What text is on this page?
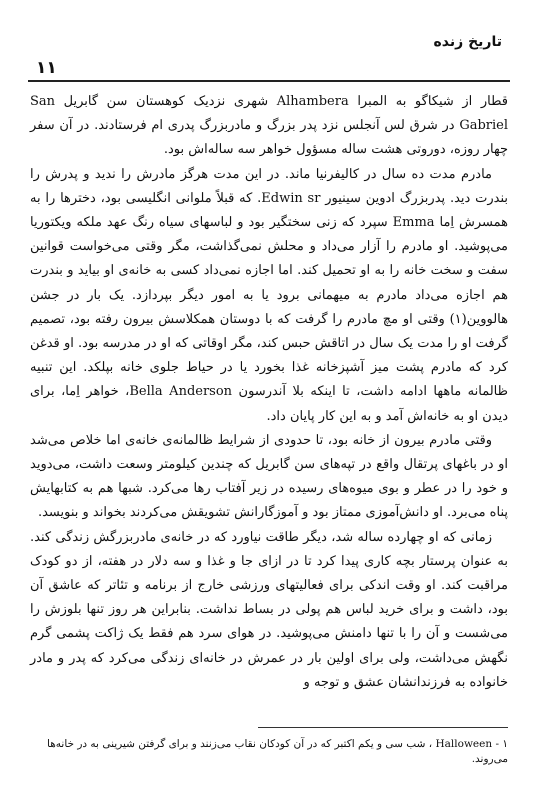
تاریخ زنده
۱۱

قطار از شیکاگو به المبرا Alhambera شهری نزدیک کوهستان سن گابریل San Gabriel در شرق لس آنجلس نزد پدر بزرگ و مادربزرگ پدری ام فرستادند. در آن سفر چهار روزه، دوروتی هشت ساله مسؤول خواهر سه ساله‌اش بود.

مادرم مدت ده سال در کالیفرنیا ماند. در این مدت هرگز مادرش را ندید و پدرش را بندرت دید. پدربزرگ ادوین سینیور Edwin sr. که قبلاً ملوانی انگلیسی بود، دختر‌ها را به همسرش اِما Emma سپرد که زنی سختگیر بود و لباسهای سیاه رنگ عهد ملکه ویکتوریا می‌پوشید. او مادرم را آزار می‌داد و محلش نمی‌گذاشت، مگر وقتی می‌خواست قوانین سفت و سخت خانه را به او تحمیل کند. اما اجازه نمی‌داد کسی به خانه‌ی او بیاید و بندرت هم اجازه می‌داد مادرم به میهمانی برود یا به امور دیگر بپردازد. یک بار در جشن هالووین(۱) وقتی او مچ مادرم را گرفت که با دوستان همکلاسش بیرون رفته بود، تصمیم گرفت او را مدت یک سال در اتاقش حبس کند، مگر اوقاتی که او در مدرسه بود. او قدغن کرد که مادرم پشت میز آشپزخانه غذا بخورد یا در حیاط جلوی خانه بپلکد. این تنبیه ظالمانه ماهها ادامه داشت، تا اینکه بلا آندرسون Bella Anderson، خواهر اِما، برای دیدن او به خانه‌اش آمد و به این کار پایان داد.

وقتی مادرم بیرون از خانه بود، تا حدودی از شرایط ظالمانه‌ی خانه‌ی اما خلاص می‌شد او در باغهای پرتقال واقع در تپه‌های سن گابریل که چندین کیلومتر وسعت داشت، می‌دوید و خود را در عطر و بوی میوه‌های رسیده در زیر آفتاب رها می‌کرد. شبها هم به کتابهایش پناه می‌برد. او دانش‌آموزی ممتاز بود و آموزگارانش تشویقش می‌کردند بخواند و بنویسد.

زمانی که او چهارده ساله شد، دیگر طاقت نیاورد که در خانه‌ی مادربزرگش زندگی کند. به عنوان پرستار بچه کاری پیدا کرد تا در ازای جا و غذا و سه دلار در هفته، از دو کودک مراقبت کند. او وقت اندکی برای فعالیتهای ورزشی خارج از برنامه و تئاتر که عاشق آن بود، داشت و برای خرید لباس هم پولی در بساط نداشت. بنابراین هر روز تنها بلوزش را می‌شست و آن را با تنها دامنش می‌پوشید. در هوای سرد هم فقط یک ژاکت پشمی گرم نگهش می‌داشت، ولی برای اولین بار در عمرش در خانه‌ای زندگی می‌کرد که پدر و مادر خانواده به فرزندانشان عشق و توجه و

۱ - Halloween ، شب سی و یکم اکتبر که در آن کودکان نقاب می‌زنند و برای گرفتن شیرینی به در خانه‌ها می‌روند.
